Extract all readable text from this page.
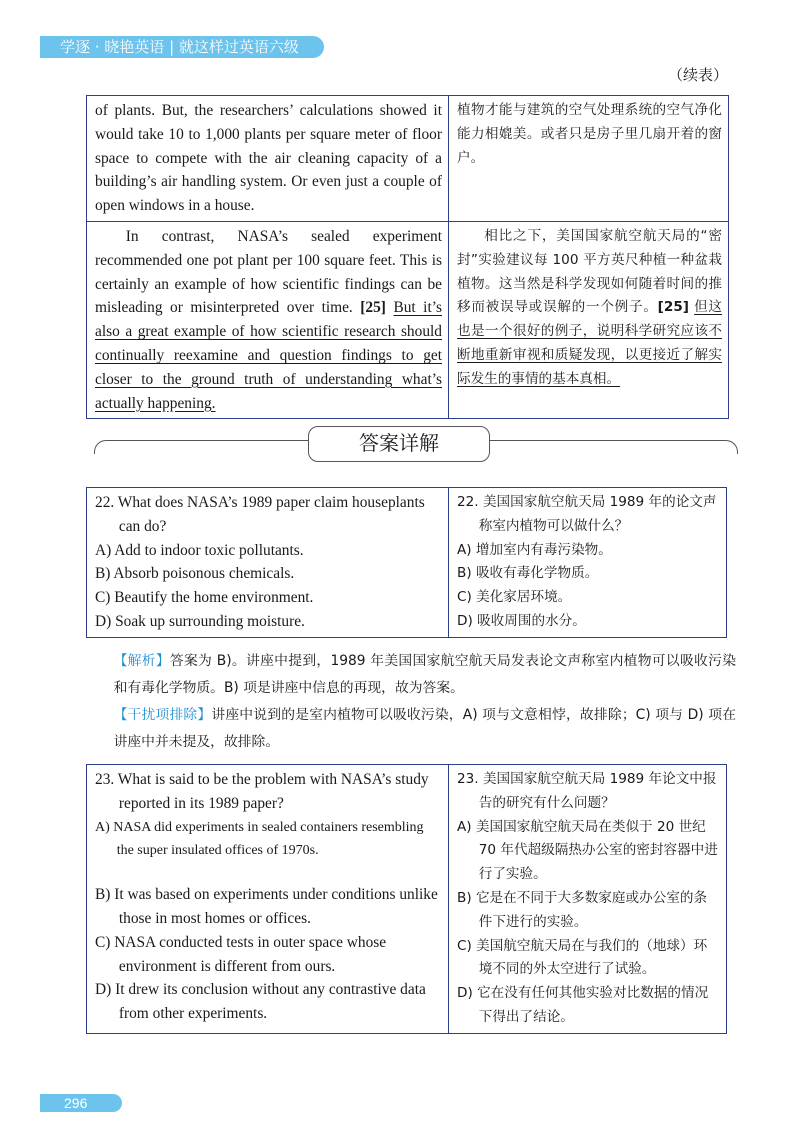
学逐 · 晓艳英语 | 就这样过英语六级
（续表）
of plants. But, the researchers’ calculations showed it would take 10 to 1,000 plants per square meter of floor space to compete with the air cleaning capacity of a building’s air handling system. Or even just a couple of open windows in a house.	植物才能与建筑的空气处理系统的空气净化能力相媲美。或者只是房子里几扇开着的窗户。

In contrast, NASA’s sealed experiment recommended one pot plant per 100 square feet. This is certainly an example of how scientific findings can be misleading or misinterpreted over time. [25] But it’s also a great example of how scientific research should continually reexamine and question findings to get closer to the ground truth of understanding what’s actually happening.	相比之下，美国国家航空航天局的“密封”实验建议每 100 平方英尺种植一种盆栽植物。这当然是科学发现如何随着时间的推移而被误导或误解的一个例子。[25] 但这也是一个很好的例子，说明科学研究应该不断地重新审视和质疑发现，以更接近了解实际发生的事情的基本真相。
答案详解
22. What does NASA’s 1989 paper claim houseplants can do?
A) Add to indoor toxic pollutants.
B) Absorb poisonous chemicals.
C) Beautify the home environment.
D) Soak up surrounding moisture.

22. 美国国家航空航天局 1989 年的论文声称室内植物可以做什么？
A) 增加室内有毒污染物。
B) 吸收有毒化学物质。
C) 美化家居环境。
D) 吸收周围的水分。
【解析】答案为 B)。讲座中提到，1989 年美国国家航空航天局发表论文声称室内植物可以吸收污染和有毒化学物质。B) 项是讲座中信息的再现，故为答案。
【干扰项排除】讲座中说到的是室内植物可以吸收污染，A) 项与文意相悖，故排除；C) 项与 D) 项在讲座中并未提及，故排除。
23. What is said to be the problem with NASA’s study reported in its 1989 paper?
A) NASA did experiments in sealed containers resembling the super insulated offices of 1970s.
B) It was based on experiments under conditions unlike those in most homes or offices.
C) NASA conducted tests in outer space whose environment is different from ours.
D) It drew its conclusion without any contrastive data from other experiments.

23. 美国国家航空航天局 1989 年论文中报告的研究有什么问题？
A) 美国国家航空航天局在类似于 20 世纪 70 年代超级隔热办公室的密封容器中进行了实验。
B) 它是在不同于大多数家庭或办公室的条件下进行的实验。
C) 美国航空航天局在与我们的（地球）环境不同的外太空进行了试验。
D) 它在没有任何其他实验对比数据的情况下得出了结论。
296
